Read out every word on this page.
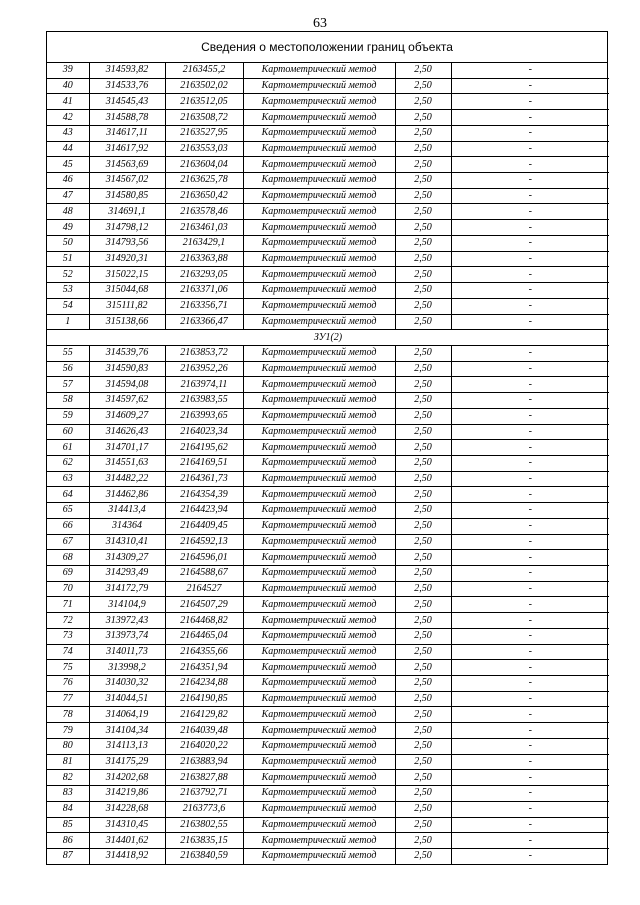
63
Сведения о местоположении границ объекта
39	314593,82	2163455,2	Картометрический метод	2,50	-
40	314533,76	2163502,02	Картометрический метод	2,50	-
41	314545,43	2163512,05	Картометрический метод	2,50	-
42	314588,78	2163508,72	Картометрический метод	2,50	-
43	314617,11	2163527,95	Картометрический метод	2,50	-
44	314617,92	2163553,03	Картометрический метод	2,50	-
45	314563,69	2163604,04	Картометрический метод	2,50	-
46	314567,02	2163625,78	Картометрический метод	2,50	-
47	314580,85	2163650,42	Картометрический метод	2,50	-
48	314691,1	2163578,46	Картометрический метод	2,50	-
49	314798,12	2163461,03	Картометрический метод	2,50	-
50	314793,56	2163429,1	Картометрический метод	2,50	-
51	314920,31	2163363,88	Картометрический метод	2,50	-
52	315022,15	2163293,05	Картометрический метод	2,50	-
53	315044,68	2163371,06	Картометрический метод	2,50	-
54	315111,82	2163356,71	Картометрический метод	2,50	-
1	315138,66	2163366,47	Картометрический метод	2,50	-
ЗУ1(2)					
55	314539,76	2163853,72	Картометрический метод	2,50	-
56	314590,83	2163952,26	Картометрический метод	2,50	-
57	314594,08	2163974,11	Картометрический метод	2,50	-
58	314597,62	2163983,55	Картометрический метод	2,50	-
59	314609,27	2163993,65	Картометрический метод	2,50	-
60	314626,43	2164023,34	Картометрический метод	2,50	-
61	314701,17	2164195,62	Картометрический метод	2,50	-
62	314551,63	2164169,51	Картометрический метод	2,50	-
63	314482,22	2164361,73	Картометрический метод	2,50	-
64	314462,86	2164354,39	Картометрический метод	2,50	-
65	314413,4	2164423,94	Картометрический метод	2,50	-
66	314364	2164409,45	Картометрический метод	2,50	-
67	314310,41	2164592,13	Картометрический метод	2,50	-
68	314309,27	2164596,01	Картометрический метод	2,50	-
69	314293,49	2164588,67	Картометрический метод	2,50	-
70	314172,79	2164527	Картометрический метод	2,50	-
71	314104,9	2164507,29	Картометрический метод	2,50	-
72	313972,43	2164468,82	Картометрический метод	2,50	-
73	313973,74	2164465,04	Картометрический метод	2,50	-
74	314011,73	2164355,66	Картометрический метод	2,50	-
75	313998,2	2164351,94	Картометрический метод	2,50	-
76	314030,32	2164234,88	Картометрический метод	2,50	-
77	314044,51	2164190,85	Картометрический метод	2,50	-
78	314064,19	2164129,82	Картометрический метод	2,50	-
79	314104,34	2164039,48	Картометрический метод	2,50	-
80	314113,13	2164020,22	Картометрический метод	2,50	-
81	314175,29	2163883,94	Картометрический метод	2,50	-
82	314202,68	2163827,88	Картометрический метод	2,50	-
83	314219,86	2163792,71	Картометрический метод	2,50	-
84	314228,68	2163773,6	Картометрический метод	2,50	-
85	314310,45	2163802,55	Картометрический метод	2,50	-
86	314401,62	2163835,15	Картометрический метод	2,50	-
87	314418,92	2163840,59	Картометрический метод	2,50	-
